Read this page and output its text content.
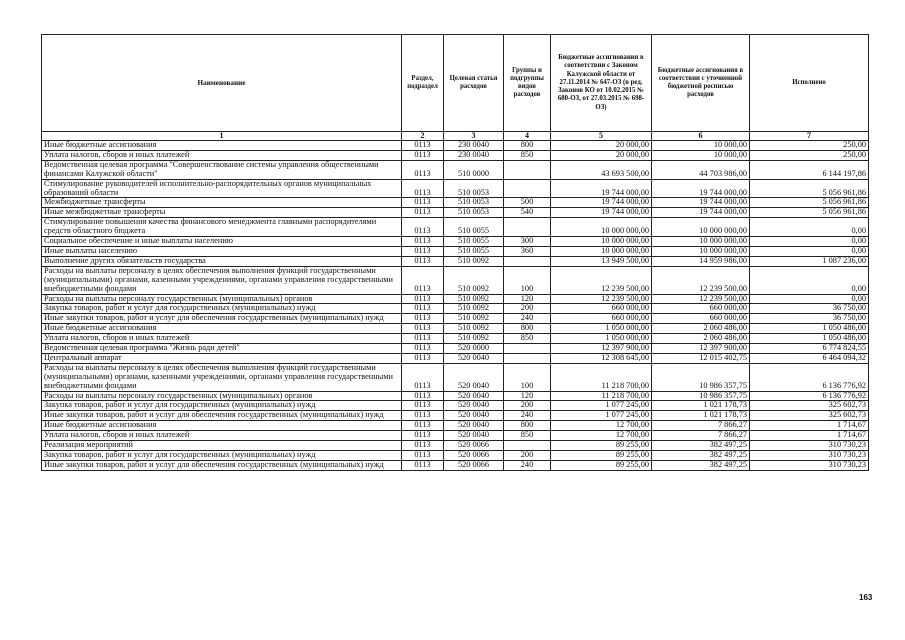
Наименование	Раздел, подраздел	Целевая статья расходов	Группы и подгруппы видов расходов	Бюджетные ассигнования в соответствии с Законом Калужской области от 27.11.2014 № 647-ОЗ (в ред. Законов КО от 10.02.2015 № 680-ОЗ, от 27.03.2015 № 698-ОЗ)	Бюджетные ассигнования в соответствии с уточненной бюджетной росписью расходов	Исполнено
1	2	3	4	5	6	7
Иные бюджетные ассигнования	0113	230 0040	800	20 000,00	10 000,00	250,00
Уплата налогов, сборов и иных платежей	0113	230 0040	850	20 000,00	10 000,00	250,00
Ведомственная целевая программа "Совершенствование системы управления общественными финансами Калужской области"	0113	510 0000		43 693 500,00	44 703 986,00	6 144 197,86
Стимулирование руководителей исполнительно-распорядительных органов муниципальных образований области	0113	510 0053		19 744 000,00	19 744 000,00	5 056 961,86
Межбюджетные трансферты	0113	510 0053	500	19 744 000,00	19 744 000,00	5 056 961,86
Иные межбюджетные трансферты	0113	510 0053	540	19 744 000,00	19 744 000,00	5 056 961,86
Стимулирование повышения качества финансового менеджмента главными распорядителями средств областного бюджета	0113	510 0055		10 000 000,00	10 000 000,00	0,00
Социальное обеспечение и иные выплаты населению	0113	510 0055	300	10 000 000,00	10 000 000,00	0,00
Иные выплаты населению	0113	510 0055	360	10 000 000,00	10 000 000,00	0,00
Выполнение других обязательств государства	0113	510 0092		13 949 500,00	14 959 986,00	1 087 236,00
Расходы на выплаты персоналу в целях обеспечения выполнения функций государственными (муниципальными) органами, казенными учреждениями, органами управления государственными внебюджетными фондами	0113	510 0092	100	12 239 500,00	12 239 500,00	0,00
Расходы на выплаты персоналу государственных (муниципальных) органов	0113	510 0092	120	12 239 500,00	12 239 500,00	0,00
Закупка товаров, работ и услуг для государственных (муниципальных) нужд	0113	510 0092	200	660 000,00	660 000,00	36 750,00
Иные закупки товаров, работ и услуг для обеспечения государственных (муниципальных) нужд	0113	510 0092	240	660 000,00	660 000,00	36 750,00
Иные бюджетные ассигнования	0113	510 0092	800	1 050 000,00	2 060 486,00	1 050 486,00
Уплата налогов, сборов и иных платежей	0113	510 0092	850	1 050 000,00	2 060 486,00	1 050 486,00
Ведомственная целевая программа "Жизнь ради детей"	0113	520 0000		12 397 900,00	12 397 900,00	6 774 824,55
Центральный аппарат	0113	520 0040		12 308 645,00	12 015 402,75	6 464 094,32
Расходы на выплаты персоналу в целях обеспечения выполнения функций государственными (муниципальными) органами, казенными учреждениями, органами управления государственными внебюджетными фондами	0113	520 0040	100	11 218 700,00	10 986 357,75	6 136 776,92
Расходы на выплаты персоналу государственных (муниципальных) органов	0113	520 0040	120	11 218 700,00	10 986 357,75	6 136 776,92
Закупка товаров, работ и услуг для государственных (муниципальных) нужд	0113	520 0040	200	1 077 245,00	1 021 178,73	325 602,73
Иные закупки товаров, работ и услуг для обеспечения государственных (муниципальных) нужд	0113	520 0040	240	1 077 245,00	1 021 178,73	325 602,73
Иные бюджетные ассигнования	0113	520 0040	800	12 700,00	7 866,27	1 714,67
Уплата налогов, сборов и иных платежей	0113	520 0040	850	12 700,00	7 866,27	1 714,67
Реализация мероприятий	0113	520 0066		89 255,00	382 497,25	310 730,23
Закупка товаров, работ и услуг для государственных (муниципальных) нужд	0113	520 0066	200	89 255,00	382 497,25	310 730,23
Иные закупки товаров, работ и услуг для обеспечения государственных (муниципальных) нужд	0113	520 0066	240	89 255,00	382 497,25	310 730,23
163
